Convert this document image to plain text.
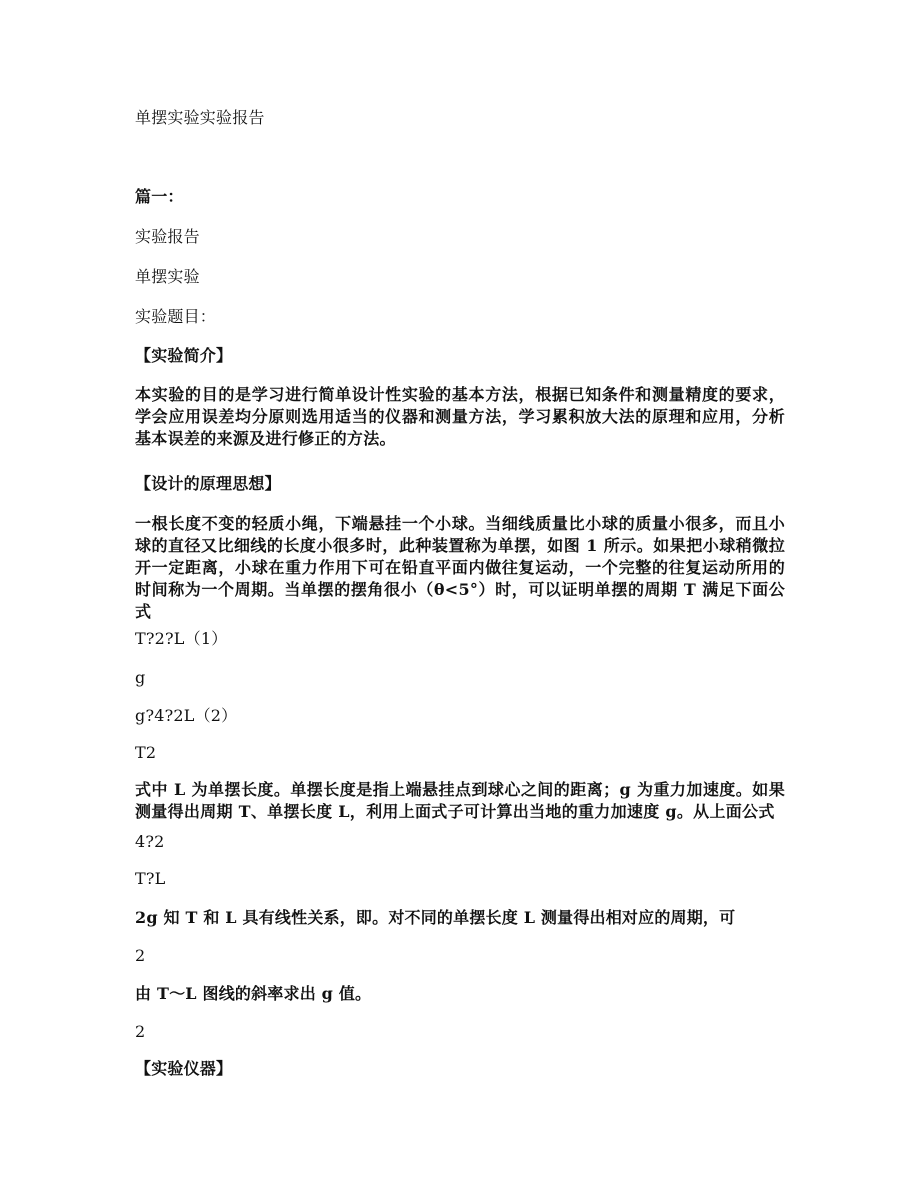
单摆实验实验报告
篇一：
实验报告
单摆实验
实验题目：
【实验简介】
本实验的目的是学习进行简单设计性实验的基本方法，根据已知条件和测量精度的要求，学会应用误差均分原则选用适当的仪器和测量方法，学习累积放大法的原理和应用，分析基本误差的来源及进行修正的方法。
【设计的原理思想】
一根长度不变的轻质小绳，下端悬挂一个小球。当细线质量比小球的质量小很多，而且小球的直径又比细线的长度小很多时，此种装置称为单摆，如图 1 所示。如果把小球稍微拉开一定距离，小球在重力作用下可在铅直平面内做往复运动，一个完整的往复运动所用的时间称为一个周期。当单摆的摆角很小（θ<5°）时，可以证明单摆的周期 T 满足下面公式
T?2?L（1）
g
g?4?2L（2）
T2
式中 L 为单摆长度。单摆长度是指上端悬挂点到球心之间的距离；g 为重力加速度。如果测量得出周期 T、单摆长度 L，利用上面式子可计算出当地的重力加速度 g。从上面公式
4?2
T?L
2g 知 T 和 L 具有线性关系，即。对不同的单摆长度 L 测量得出相对应的周期，可
2
由 T～L 图线的斜率求出 g 值。
2
【实验仪器】
